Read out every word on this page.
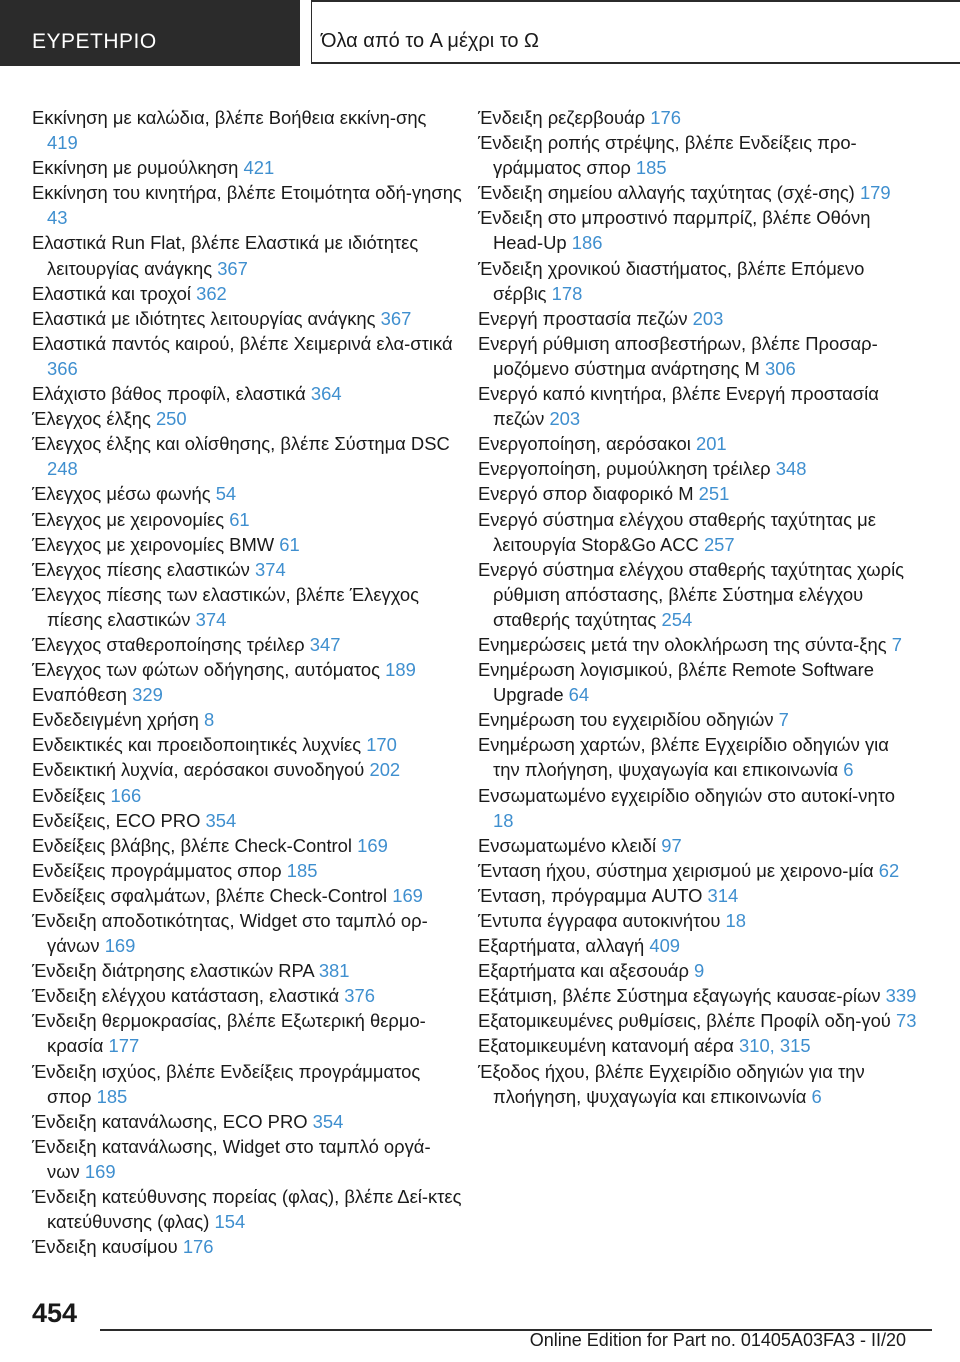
ΕΥΡΕΤΗΡΙΟ	Όλα από το A μέχρι το Ω

Εκκίνηση με καλώδια, βλέπε Βοήθεια εκκίνη-σης 419

Εκκίνηση με ρυμούλκηση 421

Εκκίνηση του κινητήρα, βλέπε Ετοιμότητα οδή-γησης 43

Ελαστικά Run Flat, βλέπε Ελαστικά με ιδιότητες λειτουργίας ανάγκης 367

Ελαστικά και τροχοί 362

Ελαστικά με ιδιότητες λειτουργίας ανάγκης 367

Ελαστικά παντός καιρού, βλέπε Χειμερινά ελα-στικά 366

Ελάχιστο βάθος προφίλ, ελαστικά 364

Έλεγχος έλξης 250

Έλεγχος έλξης και ολίσθησης, βλέπε Σύστημα DSC 248

Έλεγχος μέσω φωνής 54

Έλεγχος με χειρονομίες 61

Έλεγχος με χειρονομίες BMW 61

Έλεγχος πίεσης ελαστικών 374

Έλεγχος πίεσης των ελαστικών, βλέπε Έλεγχος πίεσης ελαστικών 374

Έλεγχος σταθεροποίησης τρέιλερ 347

Έλεγχος των φώτων οδήγησης, αυτόματος 189

Εναπόθεση 329

Ενδεδειγμένη χρήση 8

Ενδεικτικές και προειδοποιητικές λυχνίες 170

Ενδεικτική λυχνία, αερόσακοι συνοδηγού 202

Ενδείξεις 166

Ενδείξεις, ECO PRO 354

Ενδείξεις βλάβης, βλέπε Check-Control 169

Ενδείξεις προγράμματος σπορ 185

Ενδείξεις σφαλμάτων, βλέπε Check-Control 169

Ένδειξη αποδοτικότητας, Widget στο ταμπλό ορ-γάνων 169

Ένδειξη διάτρησης ελαστικών RPA 381

Ένδειξη ελέγχου κατάσταση, ελαστικά 376

Ένδειξη θερμοκρασίας, βλέπε Εξωτερική θερμο-κρασία 177

Ένδειξη ισχύος, βλέπε Ενδείξεις προγράμματος σπορ 185

Ένδειξη κατανάλωσης, ECO PRO 354

Ένδειξη κατανάλωσης, Widget στο ταμπλό οργά-νων 169

Ένδειξη κατεύθυνσης πορείας (φλας), βλέπε Δεί-κτες κατεύθυνσης (φλας) 154

Ένδειξη καυσίμου 176

Ένδειξη ρεζερβουάρ 176

Ένδειξη ροπής στρέψης, βλέπε Ενδείξεις προ-γράμματος σπορ 185

Ένδειξη σημείου αλλαγής ταχύτητας (σχέ-σης) 179

Ένδειξη στο μπροστινό παρμπρίζ, βλέπε Οθόνη Head-Up 186

Ένδειξη χρονικού διαστήματος, βλέπε Επόμενο σέρβις 178

Ενεργή προστασία πεζών 203

Ενεργή ρύθμιση αποσβεστήρων, βλέπε Προσαρ-μοζόμενο σύστημα ανάρτησης M 306

Ενεργό καπό κινητήρα, βλέπε Ενεργή προστασία πεζών 203

Ενεργοποίηση, αερόσακοι 201

Ενεργοποίηση, ρυμούλκηση τρέιλερ 348

Ενεργό σπορ διαφορικό M 251

Ενεργό σύστημα ελέγχου σταθερής ταχύτητας με λειτουργία Stop&Go ACC 257

Ενεργό σύστημα ελέγχου σταθερής ταχύτητας χωρίς ρύθμιση απόστασης, βλέπε Σύστημα ελέγχου σταθερής ταχύτητας 254

Ενημερώσεις μετά την ολοκλήρωση της σύντα-ξης 7

Ενημέρωση λογισμικού, βλέπε Remote Software Upgrade 64

Ενημέρωση του εγχειριδίου οδηγιών 7

Ενημέρωση χαρτών, βλέπε Εγχειρίδιο οδηγιών για την πλοήγηση, ψυχαγωγία και επικοινωνία 6

Ενσωματωμένο εγχειρίδιο οδηγιών στο αυτοκί-νητο 18

Ενσωματωμένο κλειδί 97

Ένταση ήχου, σύστημα χειρισμού με χειρονο-μία 62

Ένταση, πρόγραμμα AUTO 314

Έντυπα έγγραφα αυτοκινήτου 18

Εξαρτήματα, αλλαγή 409

Εξαρτήματα και αξεσουάρ 9

Εξάτμιση, βλέπε Σύστημα εξαγωγής καυσαε-ρίων 339

Εξατομικευμένες ρυθμίσεις, βλέπε Προφίλ οδη-γού 73

Εξατομικευμένη κατανομή αέρα 310, 315

Έξοδος ήχου, βλέπε Εγχειρίδιο οδηγιών για την πλοήγηση, ψυχαγωγία και επικοινωνία 6

454
Online Edition for Part no. 01405A03FA3 - II/20
